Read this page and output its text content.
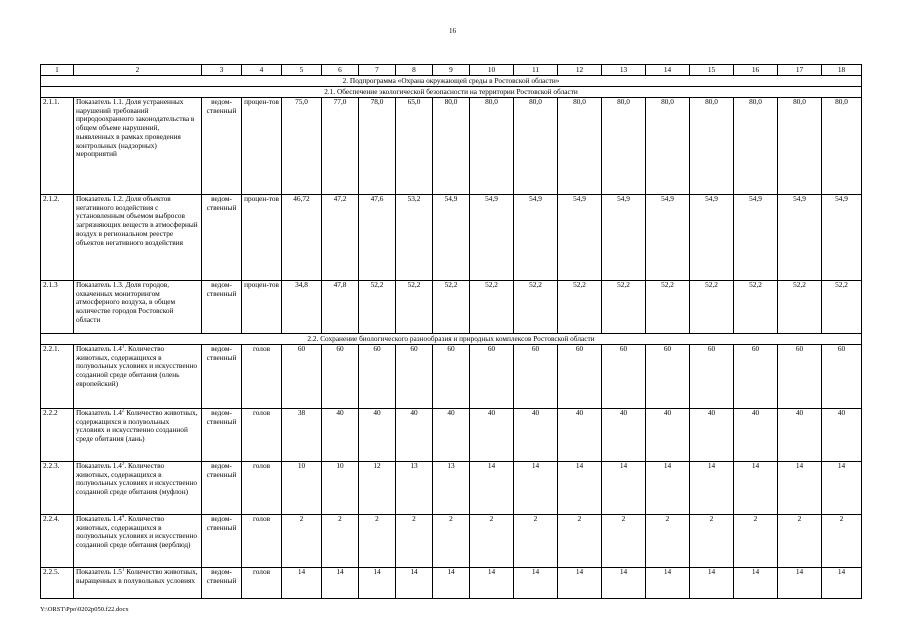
16
1	2	3	4	5	6	7	8	9	10	11	12	13	14	15	16	17	18
2. Подпрограмма «Охрана окружающей среды в Ростовской области»																	
2.1. Обеспечение экологической безопасности на территории Ростовской области																	
2.1.1.	Показатель 1.1. Доля устраненных нарушений требований природоохранного законодательства в общем объеме нарушений, выявленных в рамках проведения контрольных (надзорных) мероприятий	ведом-ственный	процен-тов	75,0	77,0	78,0	65,0	80,0	80,0	80,0	80,0	80,0	80,0	80,0	80,0	80,0	80,0
2.1.2.	Показатель 1.2. Доля объектов негативного воздействия с установленным объемом выбросов загрязняющих веществ в атмосферный воздух в региональном реестре объектов негативного воздействия	ведом-ственный	процен-тов	46,72	47,2	47,6	53,2	54,9	54,9	54,9	54,9	54,9	54,9	54,9	54,9	54,9	54,9
2.1.3	Показатель 1.3. Доля городов, охваченных мониторингом атмосферного воздуха, в общем количестве городов Ростовской области	ведом-ственный	процен-тов	34,8	47,8	52,2	52,2	52,2	52,2	52,2	52,2	52,2	52,2	52,2	52,2	52,2	52,2
2.2. Сохранение биологического разнообразия и природных комплексов Ростовской области																	
2.2.1.	Показатель $1.4^1$. Количество животных, содержащихся в полувольных условиях и искусственно созданной среде обитания (олень европейский)	ведом-ственный	голов	60	60	60	60	60	60	60	60	60	60	60	60	60	60
2.2.2	Показатель $1.4^2$ Количество животных, содержащихся в полувольных условиях и искусственно созданной среде обитания (лань)	ведом-ственный	голов	38	40	40	40	40	40	40	40	40	40	40	40	40	40
2.2.3.	Показатель $1.4^3$. Количество животных, содержащихся в полувольных условиях и искусственно созданной среде обитания (муфлон)	ведом-ственный	голов	10	10	12	13	13	14	14	14	14	14	14	14	14	14
2.2.4.	Показатель $1.4^4$. Количество животных, содержащихся в полувольных условиях и искусственно созданной среде обитания (верблюд)	ведом-ственный	голов	2	2	2	2	2	2	2	2	2	2	2	2	2	2
2.2.5.	Показатель $1.5^1$ Количество животных, выращенных в полувольных условиях	ведом-ственный	голов	14	14	14	14	14	14	14	14	14	14	14	14	14	14
Y:\ORST\Ppo\0202p050.f22.docx
